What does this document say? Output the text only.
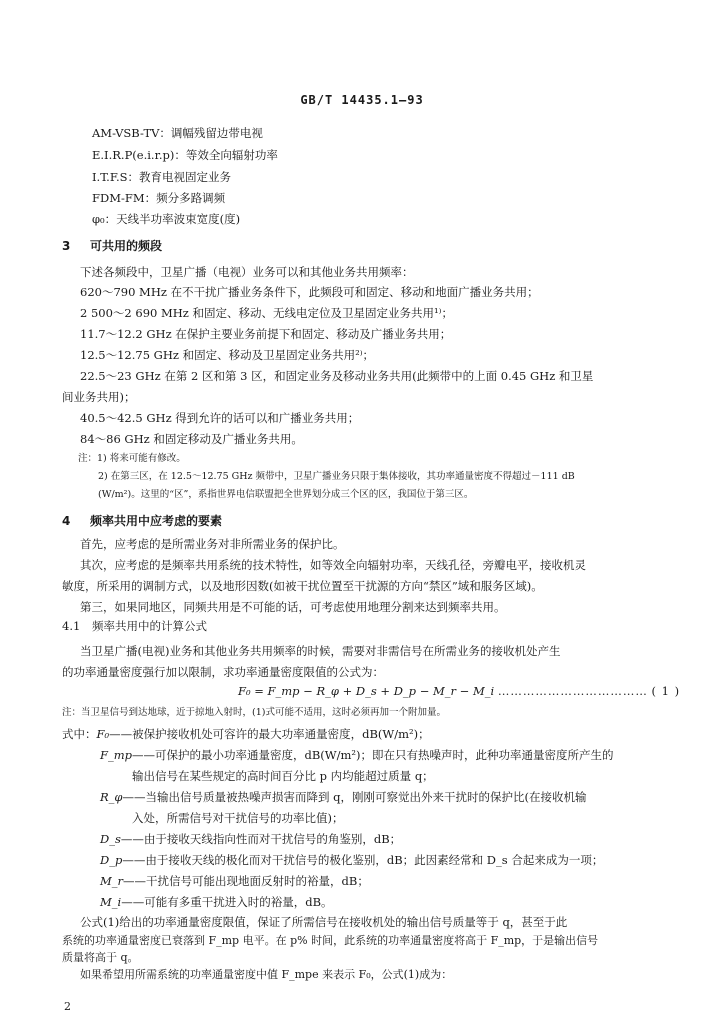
GB/T 14435.1—93
AM-VSB-TV：调幅残留边带电视
E.I.R.P(e.i.r.p)：等效全向辐射功率
I.T.F.S：教育电视固定业务
FDM-FM：频分多路调频
φ₀：天线半功率波束宽度(度)
3 可共用的频段
下述各频段中，卫星广播（电视）业务可以和其他业务共用频率：
620～790 MHz 在不干扰广播业务条件下，此频段可和固定、移动和地面广播业务共用；
2 500～2 690 MHz 和固定、移动、无线电定位及卫星固定业务共用¹⁾；
11.7～12.2 GHz 在保护主要业务前提下和固定、移动及广播业务共用；
12.5～12.75 GHz 和固定、移动及卫星固定业务共用²⁾；
22.5～23 GHz 在第 2 区和第 3 区，和固定业务及移动业务共用(此频带中的上面 0.45 GHz 和卫星
间业务共用)；
40.5～42.5 GHz 得到允许的话可以和广播业务共用；
84～86 GHz 和固定移动及广播业务共用。
注：1) 将来可能有修改。
2) 在第三区，在 12.5～12.75 GHz 频带中，卫星广播业务只限于集体接收，其功率通量密度不得超过－111 dB
(W/m²)。这里的“区”，系指世界电信联盟把全世界划分成三个区的区，我国位于第三区。
4 频率共用中应考虑的要素
首先，应考虑的是所需业务对非所需业务的保护比。
其次，应考虑的是频率共用系统的技术特性，如等效全向辐射功率，天线孔径，旁瓣电平，接收机灵
敏度，所采用的调制方式，以及地形因数(如被干扰位置至干扰源的方向“禁区”域和服务区域)。
第三，如果同地区，同频共用是不可能的话，可考虑使用地理分割来达到频率共用。
4.1 频率共用中的计算公式
当卫星广播(电视)业务和其他业务共用频率的时候，需要对非需信号在所需业务的接收机处产生
的功率通量密度强行加以限制，求功率通量密度限值的公式为：
F₀ = F_mp − R_φ + D_s + D_p − M_r − M_i ……………………………… ( 1 )
注：当卫星信号到达地球，近于掠地入射时，(1)式可能不适用，这时必须再加一个附加量。
式中：F₀——被保护接收机处可容许的最大功率通量密度，dB(W/m²)；
F_mp——可保护的最小功率通量密度，dB(W/m²)；即在只有热噪声时，此种功率通量密度所产生的
输出信号在某些规定的高时间百分比 p 内均能超过质量 q；
R_φ——当输出信号质量被热噪声损害而降到 q，刚刚可察觉出外来干扰时的保护比(在接收机输
入处，所需信号对干扰信号的功率比值)；
D_s——由于接收天线指向性而对干扰信号的角鉴别，dB；
D_p——由于接收天线的极化而对干扰信号的极化鉴别，dB；此因素经常和 D_s 合起来成为一项；
M_r——干扰信号可能出现地面反射时的裕量，dB；
M_i——可能有多重干扰进入时的裕量，dB。
公式(1)给出的功率通量密度限值，保证了所需信号在接收机处的输出信号质量等于 q，甚至于此
2
系统的功率通量密度已衰落到 F_mp 电平。在 p% 时间，此系统的功率通量密度将高于 F_mp，于是输出信号
质量将高于 q。
如果希望用所需系统的功率通量密度中值 F_mpe 来表示 F₀，公式(1)成为：
